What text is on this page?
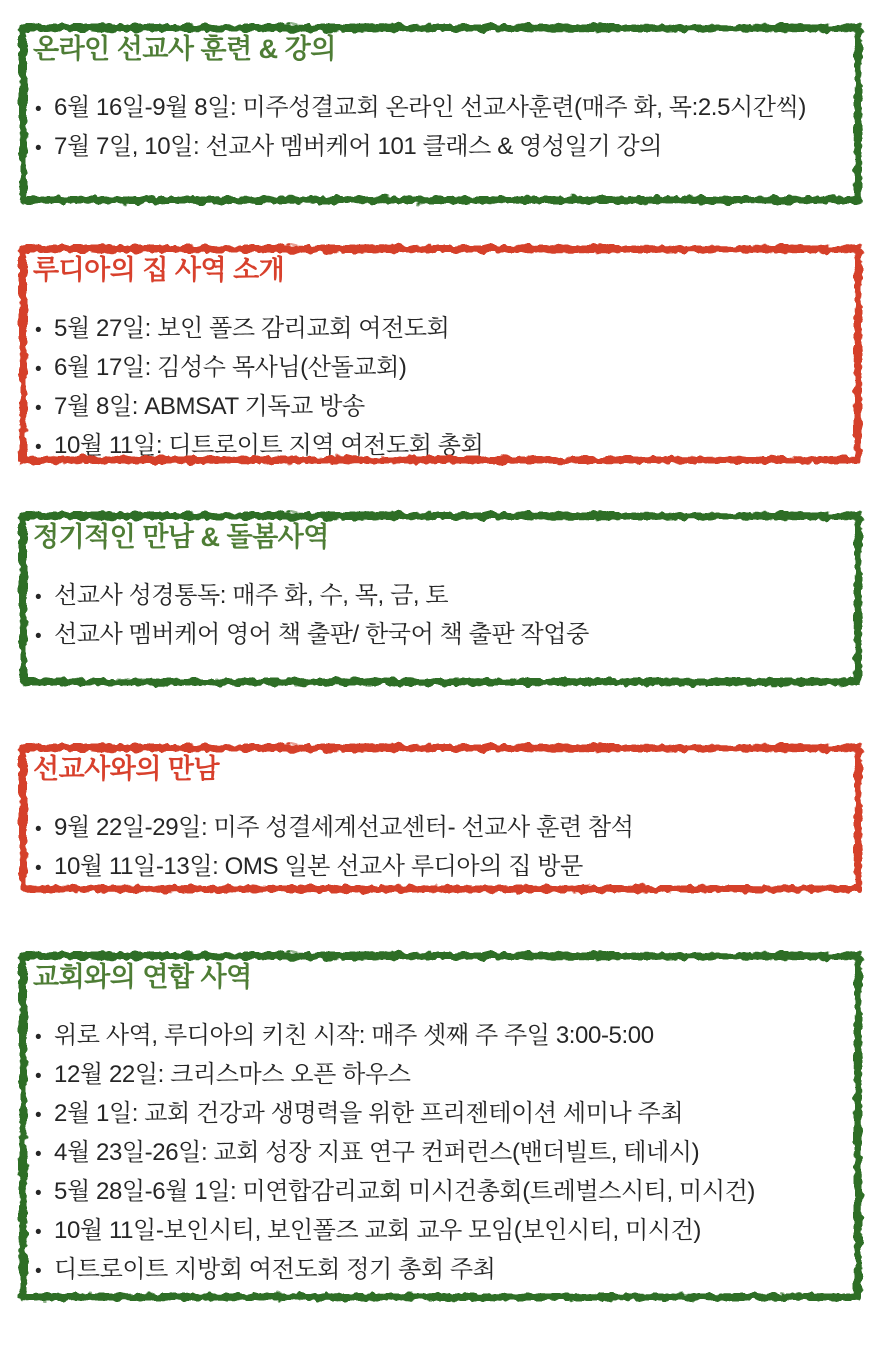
온라인 선교사 훈련 & 강의
• 6월 16일-9월 8일: 미주성결교회 온라인 선교사훈련(매주 화, 목:2.5시간씩)
• 7월 7일, 10일: 선교사 멤버케어 101 클래스 & 영성일기 강의
루디아의 집 사역 소개
• 5월 27일: 보인 폴즈 감리교회 여전도회
• 6월 17일: 김성수 목사님(산돌교회)
• 7월 8일: ABMSAT 기독교 방송
• 10월 11일: 디트로이트 지역 여전도회 총회
정기적인 만남 & 돌봄사역
• 선교사 성경통독: 매주 화, 수, 목, 금, 토
• 선교사 멤버케어 영어 책 출판/ 한국어 책 출판 작업중
선교사와의 만남
• 9월 22일-29일: 미주 성결세계선교센터- 선교사 훈련 참석
• 10월 11일-13일: OMS 일본 선교사 루디아의 집 방문
교회와의 연합 사역
• 위로 사역, 루디아의 키친 시작: 매주 셋째 주 주일 3:00-5:00
• 12월 22일: 크리스마스 오픈 하우스
• 2월 1일: 교회 건강과 생명력을 위한 프리젠테이션 세미나 주최
• 4월 23일-26일: 교회 성장 지표 연구 컨퍼런스(밴더빌트, 테네시)
• 5월 28일-6월 1일: 미연합감리교회 미시건총회(트레벌스시티, 미시건)
• 10월 11일-보인시티, 보인폴즈 교회 교우 모임(보인시티, 미시건)
• 디트로이트 지방회 여전도회 정기 총회 주최
